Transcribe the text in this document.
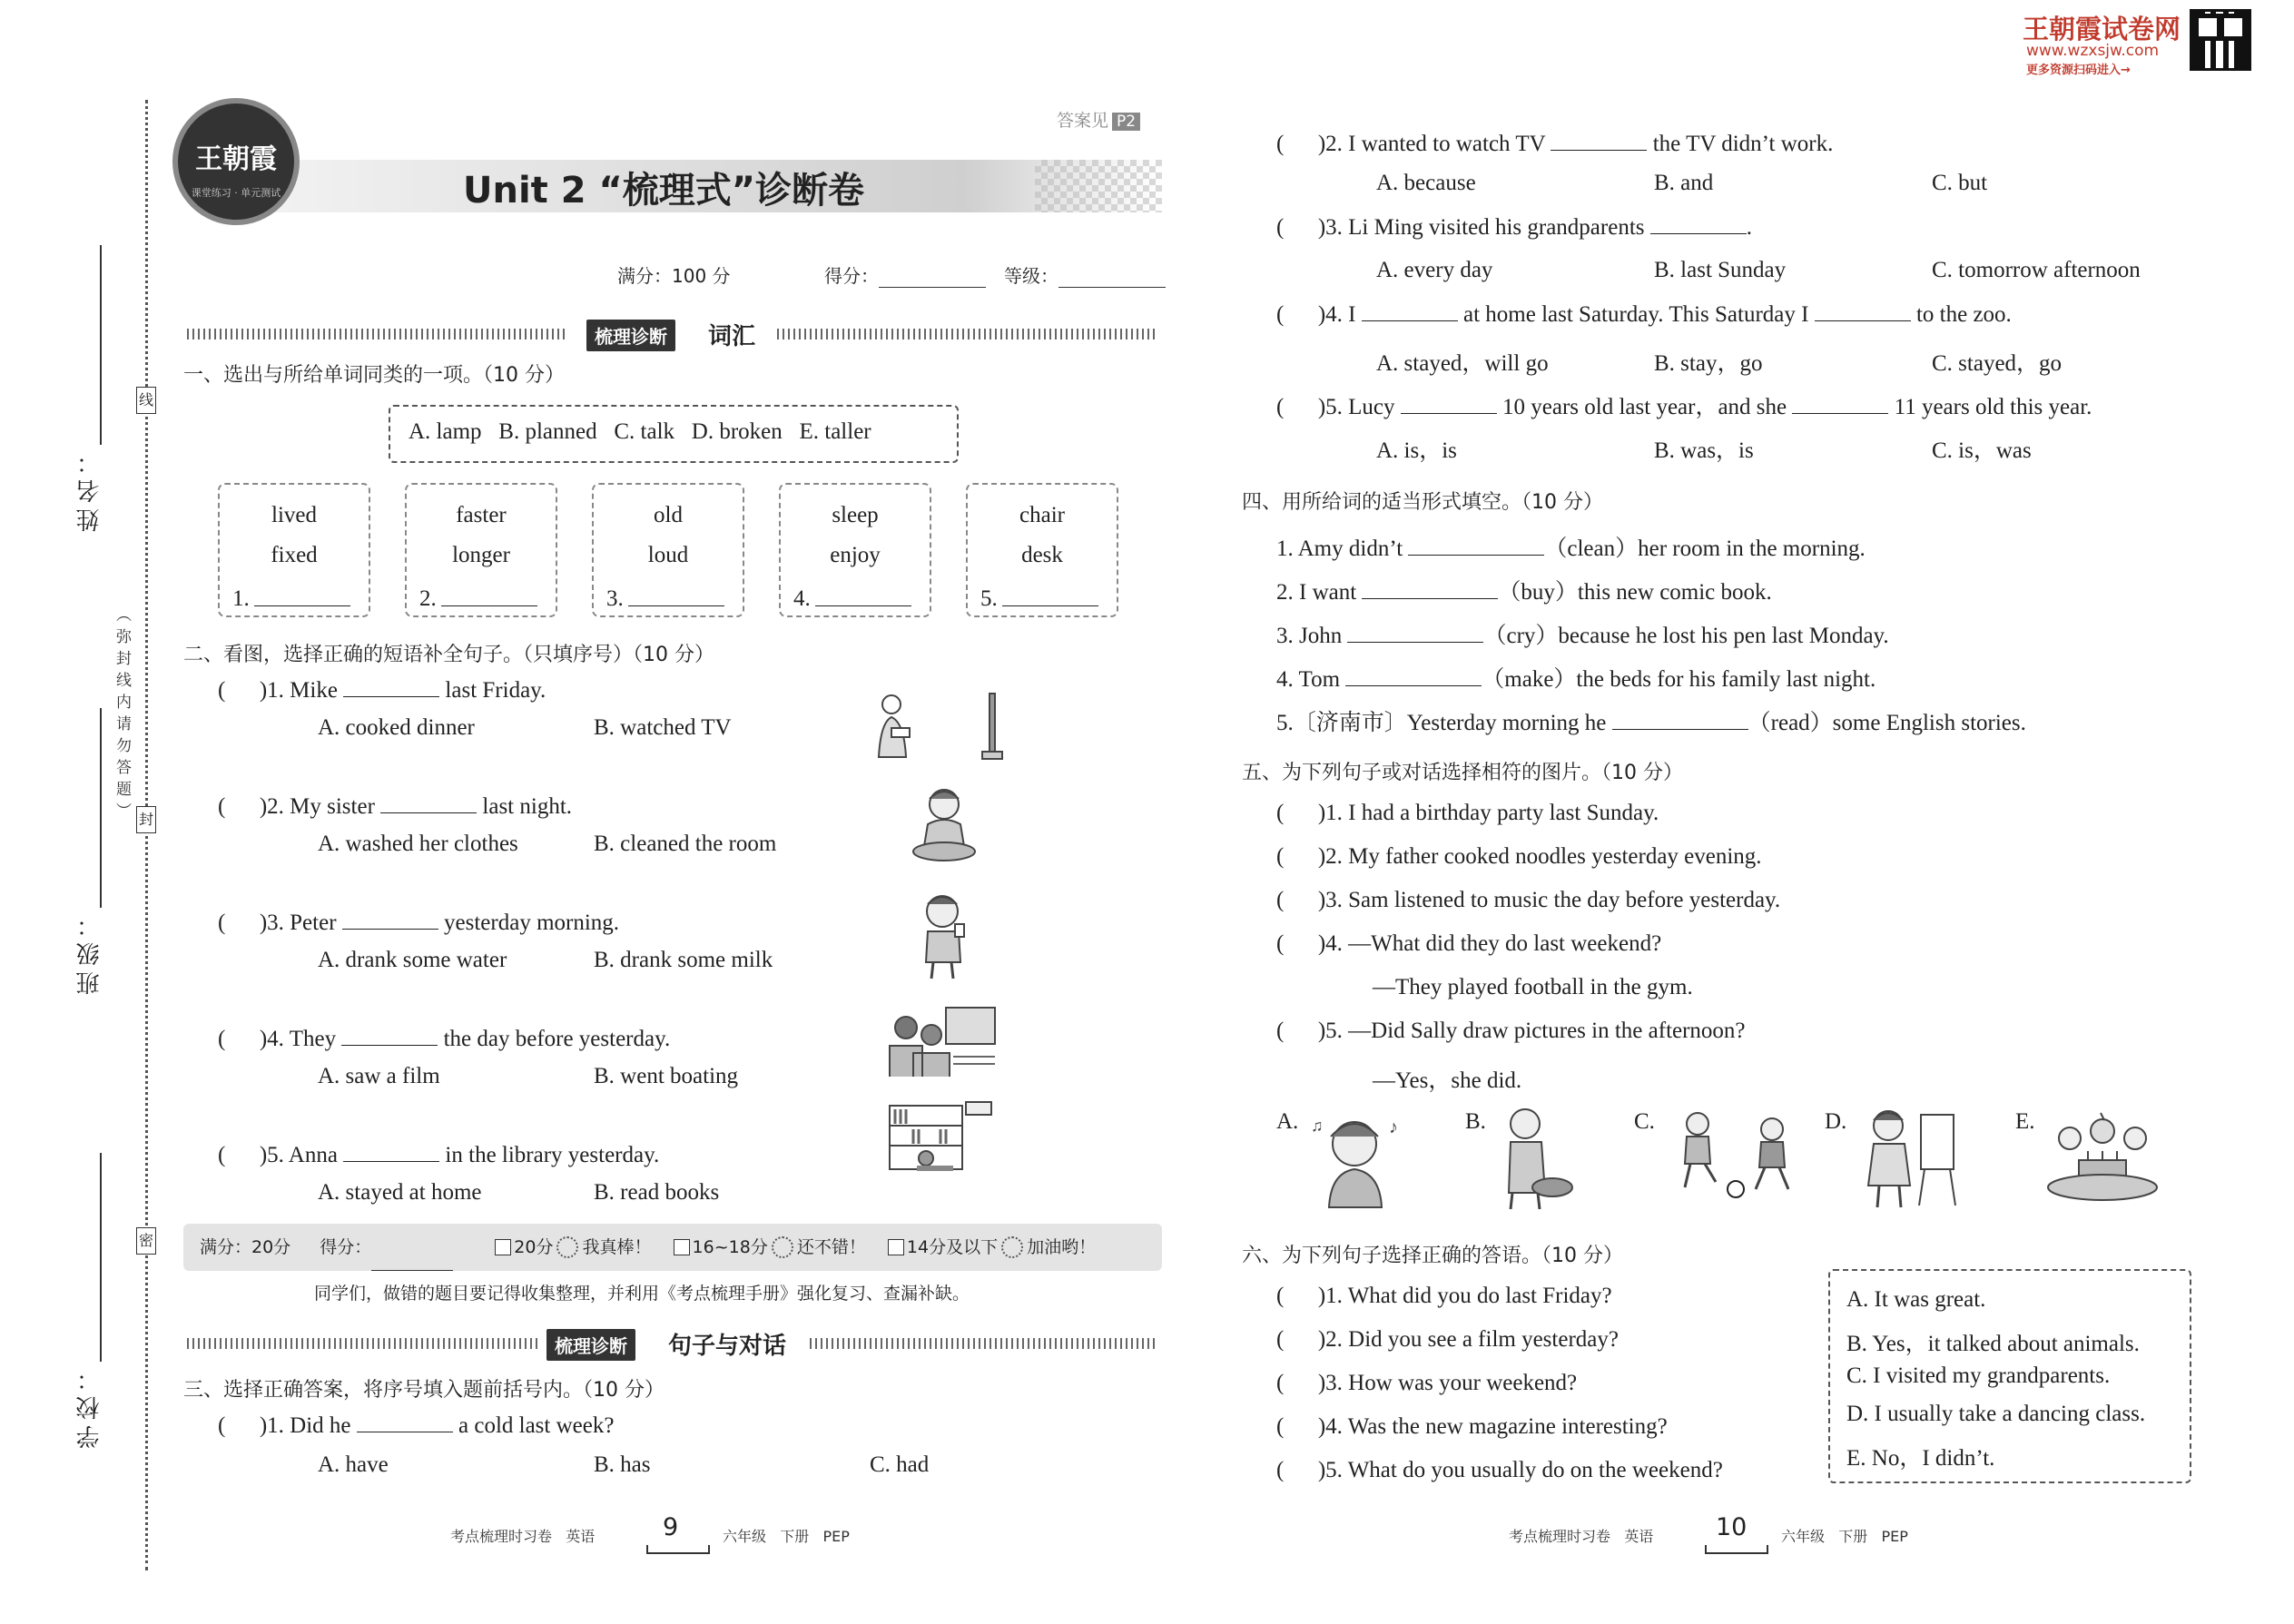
姓名：
班级：
学校：
线
封
密
（弥封线内请勿答题）
王朝霞
课堂练习 · 单元测试	Unit 2 “梳理式”诊断卷
答案见 P2
满分：100 分	得分：	等级：
梳理诊断	词汇
一、选出与所给单词同类的一项。（10 分）
A. lamp   B. planned   C. talk   D. broken   E. taller
lived
fixed
1.
faster
longer
2.
old
loud
3.
sleep
enjoy
4.
chair
desk
5.
二、看图，选择正确的短语补全句子。（只填序号）（10 分）
(      )1. Mike	last Friday.
A. cooked dinner	B. watched TV
(      )2. My sister	last night.
A. washed her clothes	B. cleaned the room
(      )3. Peter	yesterday morning.
A. drank some water	B. drank some milk
(      )4. They	the day before yesterday.
A. saw a film	B. went boating
(      )5. Anna	in the library yesterday.
A. stayed at home	B. read books
满分：20分 得分：	20分 我真棒！ 16~18分 还不错！ 14分及以下 加油哟！
同学们，做错的题目要记得收集整理，并利用《考点梳理手册》强化复习、查漏补缺。
梳理诊断	句子与对话
三、选择正确答案，将序号填入题前括号内。（10 分）
(      )1. Did he	a cold last week?
A. have	B. has	C. had
考点梳理时习卷   英语	9	六年级   下册   PEP
王朝霞试卷网
www.wzxsjw.com
更多资源扫码进入→
(      )2. I wanted to watch TV	the TV didn’t work.
A. because	B. and	C. but
(      )3. Li Ming visited his grandparents	.
A. every day	B. last Sunday	C. tomorrow afternoon
(      )4. I	at home last Saturday. This Saturday I	to the zoo.
A. stayed，will go	B. stay，go	C. stayed，go
(      )5. Lucy	10 years old last year，and she	11 years old this year.
A. is，is	B. was，is	C. is，was
四、用所给词的适当形式填空。（10 分）
1. Amy didn’t	（clean）her room in the morning.
2. I want	（buy）this new comic book.
3. John	（cry）because he lost his pen last Monday.
4. Tom	（make）the beds for his family last night.
5.〔济南市〕Yesterday morning he	（read）some English stories.
五、为下列句子或对话选择相符的图片。（10 分）
(      )1. I had a birthday party last Sunday.
(      )2. My father cooked noodles yesterday evening.
(      )3. Sam listened to music the day before yesterday.
(      )4. —What did they do last weekend?
—They played football in the gym.
(      )5. —Did Sally draw pictures in the afternoon?
—Yes，she did.
A.	♪
♫	B.	C.	D.	E.
六、为下列句子选择正确的答语。（10 分）
(      )1. What did you do last Friday?
(      )2. Did you see a film yesterday?
(      )3. How was your weekend?
(      )4. Was the new magazine interesting?
(      )5. What do you usually do on the weekend?
A. It was great.
B. Yes，it talked about animals.
C. I visited my grandparents.
D. I usually take a dancing class.
E. No，I didn’t.
考点梳理时习卷   英语	10 六年级   下册   PEP
